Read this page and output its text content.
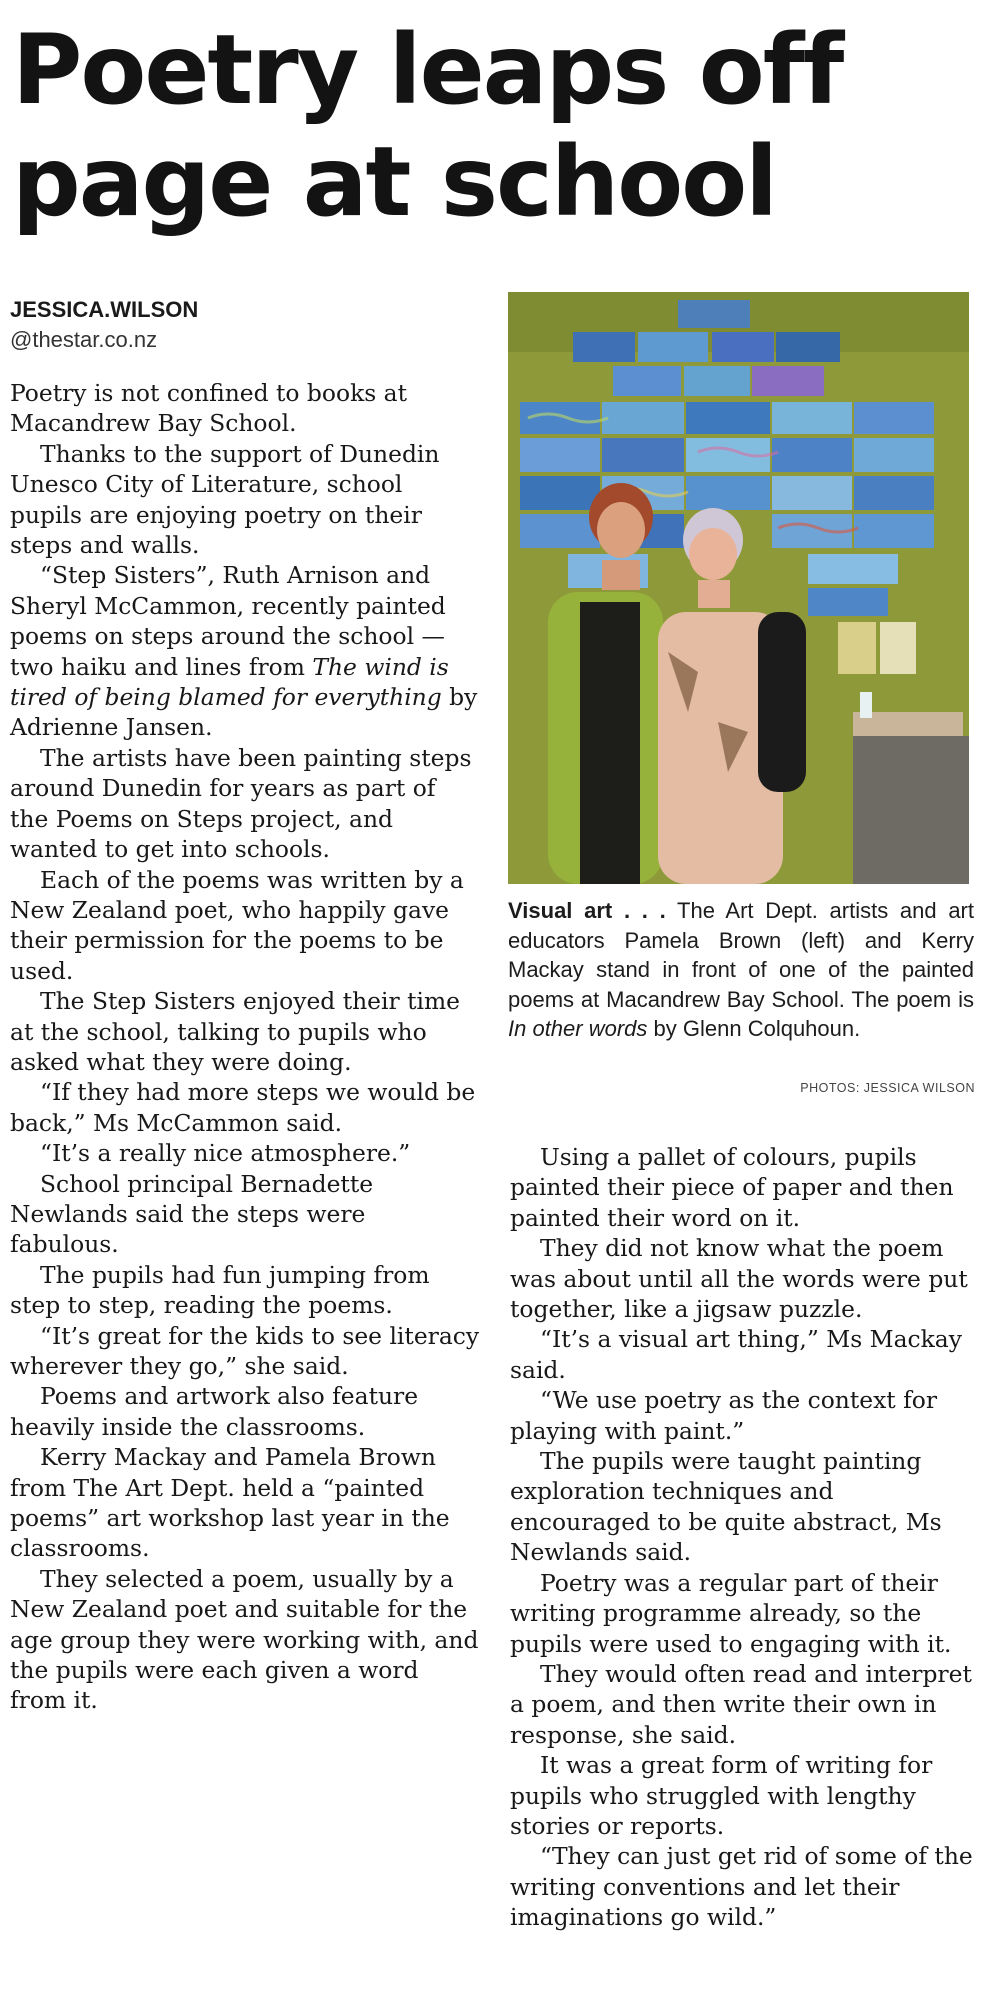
Poetry leaps off
page at school
JESSICA.WILSON
@thestar.co.nz

Poetry is not confined to books at Macandrew Bay School.

Thanks to the support of Dunedin Unesco City of Literature, school pupils are enjoying poetry on their steps and walls.

“Step Sisters”, Ruth Arnison and Sheryl McCammon, recently painted poems on steps around the school — two haiku and lines from The wind is tired of being blamed for everything by Adrienne Jansen.

The artists have been painting steps around Dunedin for years as part of the Poems on Steps project, and wanted to get into schools.

Each of the poems was written by a New Zealand poet, who happily gave their permission for the poems to be used.

The Step Sisters enjoyed their time at the school, talking to pupils who asked what they were doing.

“If they had more steps we would be back,” Ms McCammon said.

“It’s a really nice atmosphere.”

School principal Bernadette Newlands said the steps were fabulous.

The pupils had fun jumping from step to step, reading the poems.

“It’s great for the kids to see literacy wherever they go,” she said.

Poems and artwork also feature heavily inside the classrooms.

Kerry Mackay and Pamela Brown from The Art Dept. held a “painted poems” art workshop last year in the classrooms.

They selected a poem, usually by a New Zealand poet and suitable for the age group they were working with, and the pupils were each given a word from it.

Visual art . . . The Art Dept. artists and art educators Pamela Brown (left) and Kerry Mackay stand in front of one of the painted poems at Macandrew Bay School. The poem is In other words by Glenn Colquhoun.
PHOTOS: JESSICA WILSON

Using a pallet of colours, pupils painted their piece of paper and then painted their word on it.

They did not know what the poem was about until all the words were put together, like a jigsaw puzzle.

“It’s a visual art thing,” Ms Mackay said.

“We use poetry as the context for playing with paint.”

The pupils were taught painting exploration techniques and encouraged to be quite abstract, Ms Newlands said.

Poetry was a regular part of their writing programme already, so the pupils were used to engaging with it.

They would often read and interpret a poem, and then write their own in response, she said.

It was a great form of writing for pupils who struggled with lengthy stories or reports.

“They can just get rid of some of the writing conventions and let their imaginations go wild.”
